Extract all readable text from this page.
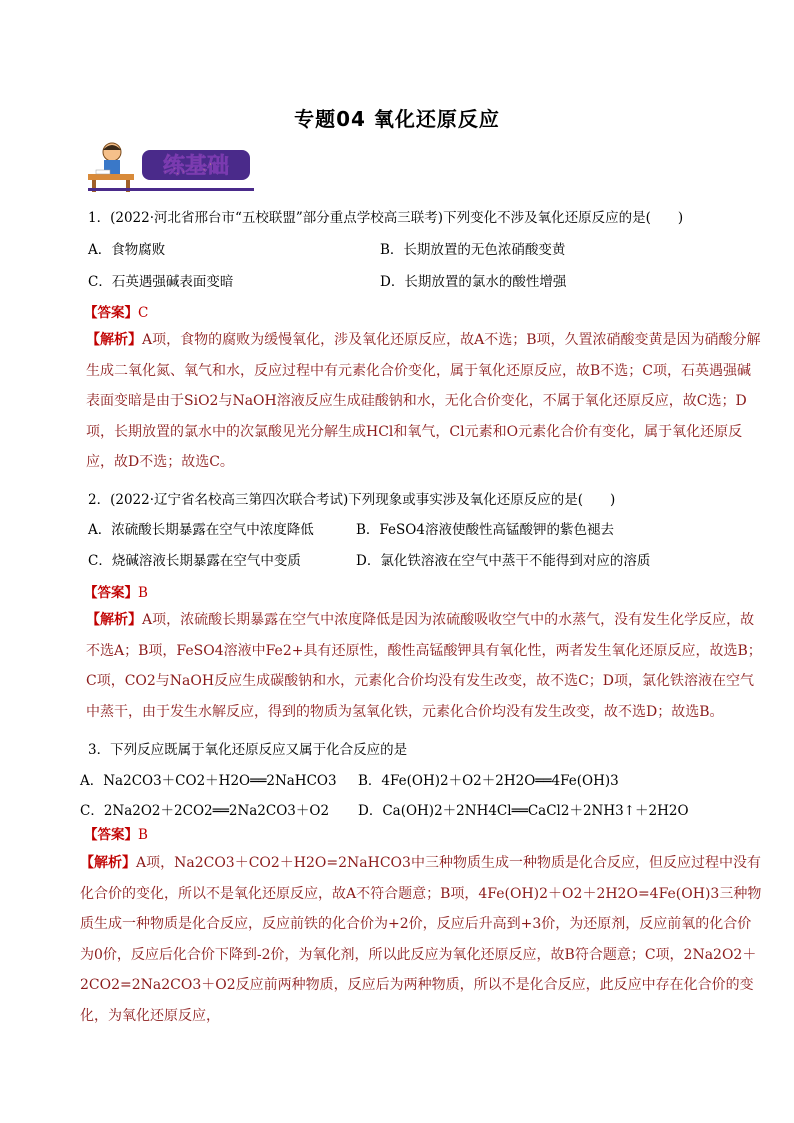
专题04 氧化还原反应
练基础
1．(2022·河北省邢台市“五校联盟”部分重点学校高三联考)下列变化不涉及氧化还原反应的是(　　)
A．食物腐败	B．长期放置的无色浓硝酸变黄
C．石英遇强碱表面变暗	D．长期放置的氯水的酸性增强
【答案】C
【解析】A项，食物的腐败为缓慢氧化，涉及氧化还原反应，故A不选；B项，久置浓硝酸变黄是因为硝酸分解生成二氧化氮、氧气和水，反应过程中有元素化合价变化，属于氧化还原反应，故B不选；C项，石英遇强碱表面变暗是由于SiO2与NaOH溶液反应生成硅酸钠和水，无化合价变化，不属于氧化还原反应，故C选；D项，长期放置的氯水中的次氯酸见光分解生成HCl和氧气，Cl元素和O元素化合价有变化，属于氧化还原反应，故D不选；故选C。
2．(2022·辽宁省名校高三第四次联合考试)下列现象或事实涉及氧化还原反应的是(　　)
A．浓硫酸长期暴露在空气中浓度降低	B．FeSO4溶液使酸性高锰酸钾的紫色褪去
C．烧碱溶液长期暴露在空气中变质	D．氯化铁溶液在空气中蒸干不能得到对应的溶质
【答案】B
【解析】A项，浓硫酸长期暴露在空气中浓度降低是因为浓硫酸吸收空气中的水蒸气，没有发生化学反应，故不选A；B项，FeSO4溶液中Fe2+具有还原性，酸性高锰酸钾具有氧化性，两者发生氧化还原反应，故选B；C项，CO2与NaOH反应生成碳酸钠和水，元素化合价均没有发生改变，故不选C；D项，氯化铁溶液在空气中蒸干，由于发生水解反应，得到的物质为氢氧化铁，元素化合价均没有发生改变，故不选D；故选B。
3．下列反应既属于氧化还原反应又属于化合反应的是
A．Na2CO3＋CO2＋H2O══2NaHCO3 B．4Fe(OH)2＋O2＋2H2O══4Fe(OH)3
C．2Na2O2＋2CO2══2Na2CO3＋O2 D．Ca(OH)2＋2NH4Cl══CaCl2＋2NH3↑＋2H2O
【答案】B
【解析】A项，Na2CO3＋CO2＋H2O=2NaHCO3中三种物质生成一种物质是化合反应，但反应过程中没有化合价的变化，所以不是氧化还原反应，故A不符合题意；B项，4Fe(OH)2＋O2＋2H2O=4Fe(OH)3三种物质生成一种物质是化合反应，反应前铁的化合价为+2价，反应后升高到+3价，为还原剂，反应前氧的化合价为0价，反应后化合价下降到-2价，为氧化剂，所以此反应为氧化还原反应，故B符合题意；C项，2Na2O2＋2CO2=2Na2CO3＋O2反应前两种物质，反应后为两种物质，所以不是化合反应，此反应中存在化合价的变化，为氧化还原反应，
